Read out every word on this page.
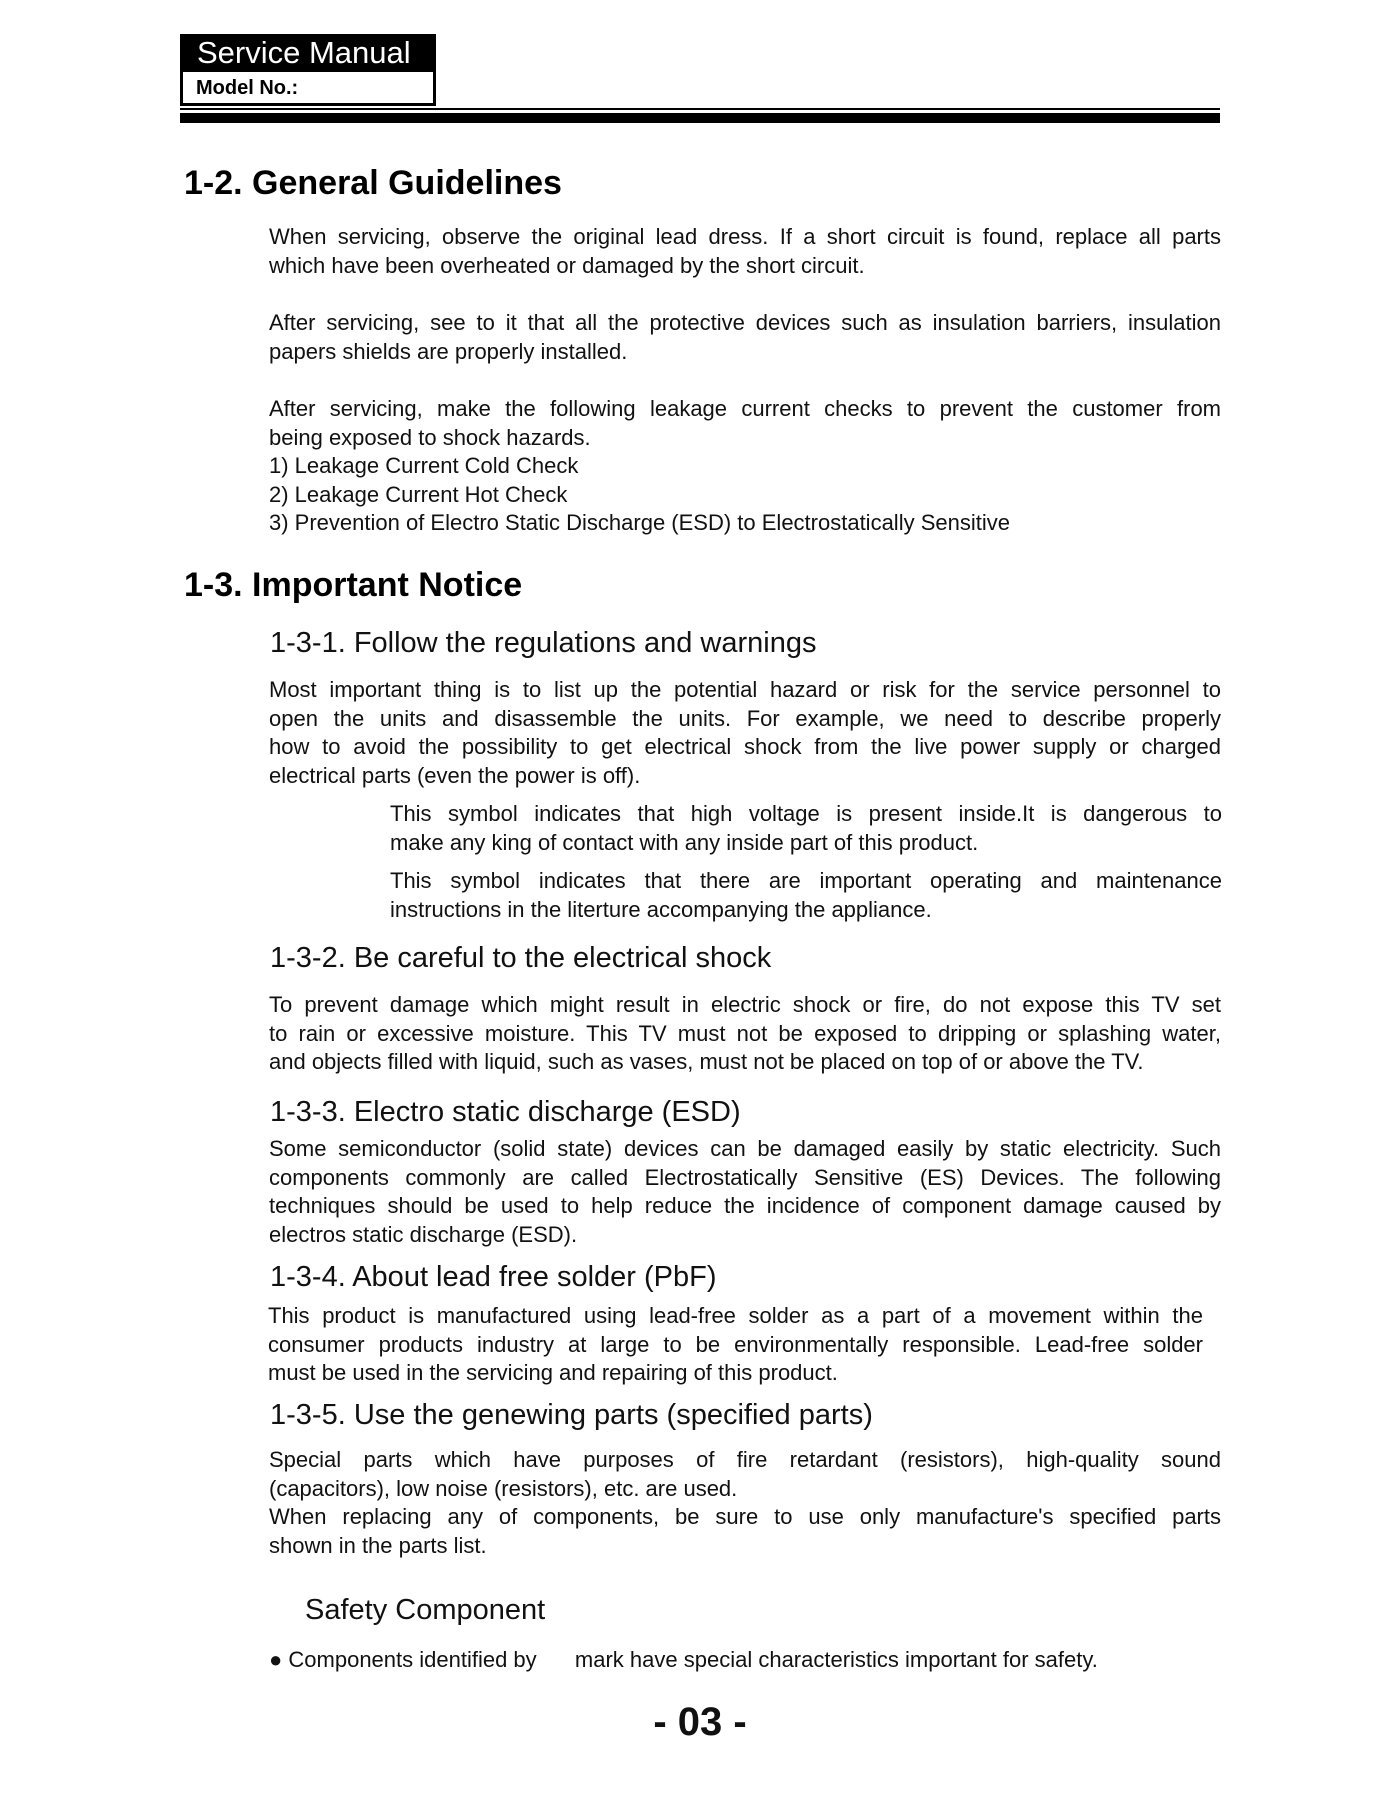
Service Manual
Model No.:
1-2. General Guidelines
When servicing, observe the original lead dress. If a short circuit is found, replace all parts
which have been overheated or damaged by the short circuit.
After servicing, see to it that all the protective devices such as insulation barriers, insulation
papers shields are properly installed.
After servicing, make the following leakage current checks to prevent the customer from
being exposed to shock hazards.
1) Leakage Current Cold Check
2) Leakage Current Hot Check
3) Prevention of Electro Static Discharge (ESD) to Electrostatically Sensitive
1-3. Important Notice
1-3-1. Follow the regulations and warnings
Most important thing is to list up the potential hazard or risk for the service personnel to
open the units and disassemble the units. For example, we need to describe properly
how to avoid the possibility to get electrical shock from the live power supply or charged
electrical parts (even the power is off).
This symbol indicates that high voltage is present inside.It is dangerous to
make any king of contact with any inside part of this product.
This symbol indicates that there are important operating and maintenance
instructions in the literture accompanying the appliance.
1-3-2. Be careful to the electrical shock
To prevent damage which might result in electric shock or fire, do not expose this TV set
to rain or excessive moisture. This TV must not be exposed to dripping or splashing water,
and objects filled with liquid, such as vases, must not be placed on top of or above the TV.
1-3-3. Electro static discharge (ESD)
Some semiconductor (solid state) devices can be damaged easily by static electricity. Such
components commonly are called Electrostatically Sensitive (ES) Devices. The following
techniques should be used to help reduce the incidence of component damage caused by
electros static discharge (ESD).
1-3-4. About lead free solder (PbF)
This product is manufactured using lead-free solder as a part of a movement within the
consumer products industry at large to be environmentally responsible. Lead-free solder
must be used in the servicing and repairing of this product.
1-3-5. Use the genewing parts (specified parts)
Special parts which have purposes of fire retardant (resistors), high-quality sound
(capacitors), low noise (resistors), etc. are used.
When replacing any of components, be sure to use only manufacture's specified parts
shown in the parts list.
Safety Component
● Components identified by mark have special characteristics important for safety.
- 03 -
